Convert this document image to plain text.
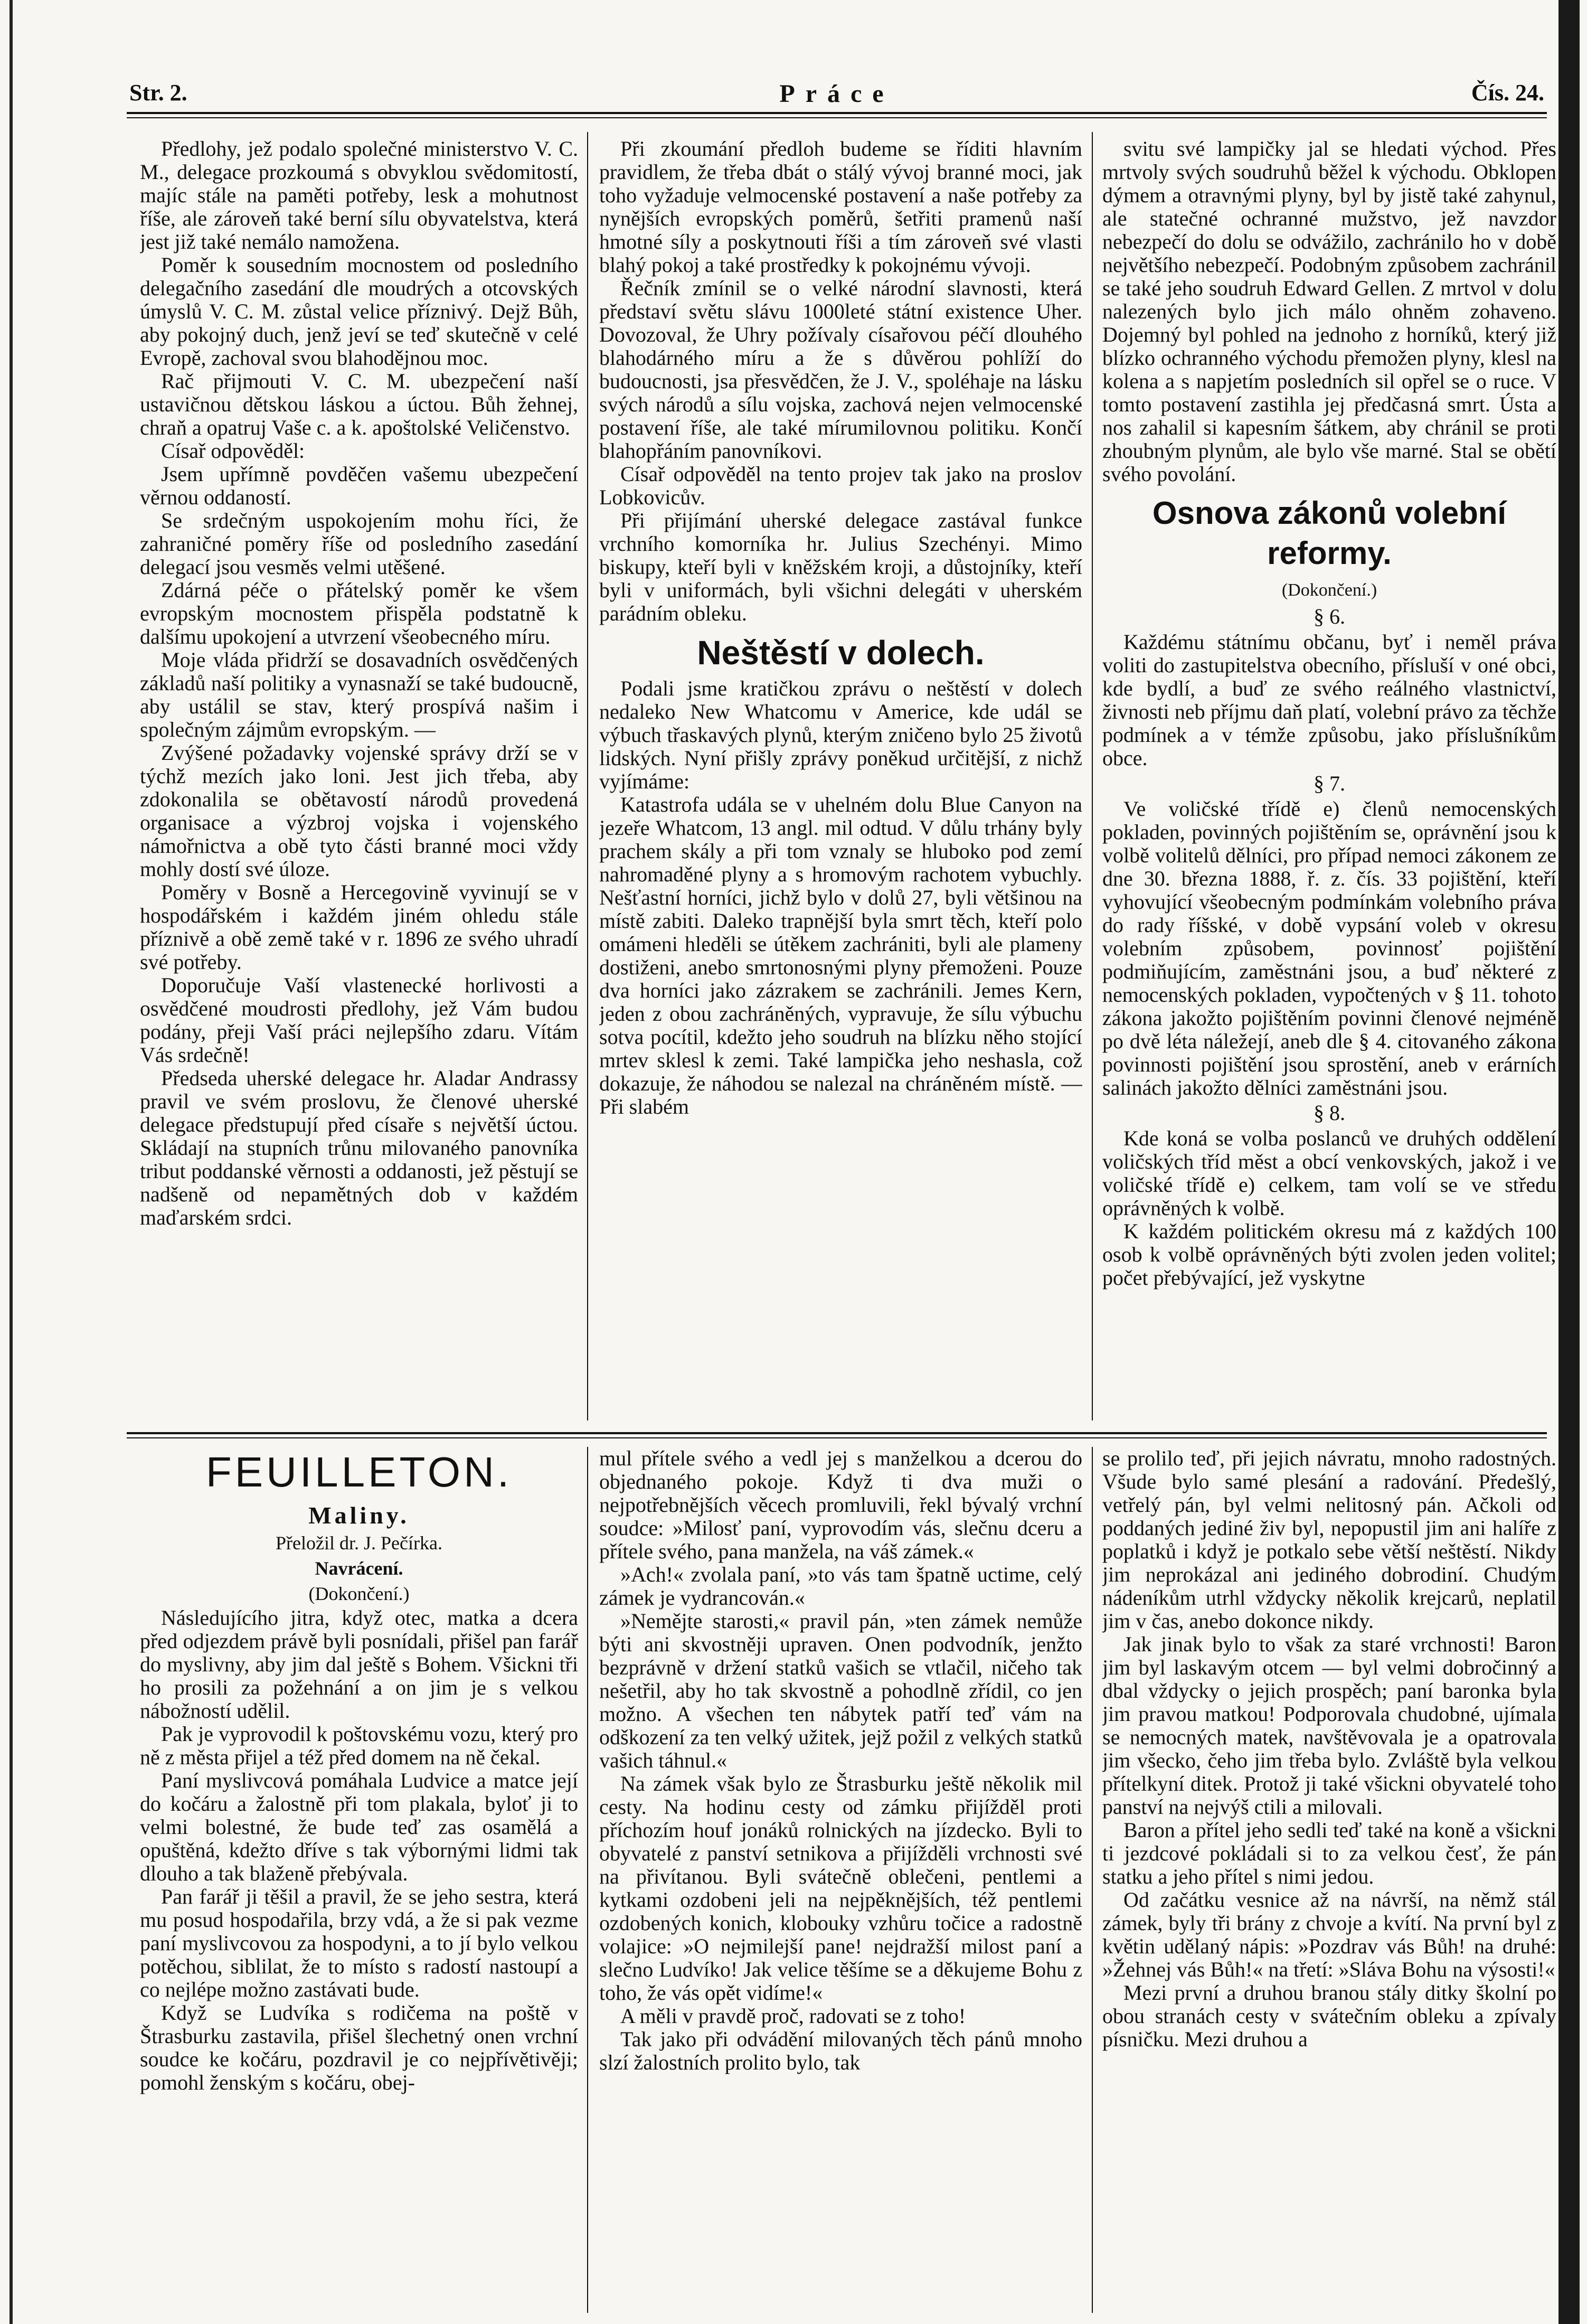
Str. 2.	Práce	Čís. 24.

Předlohy, jež podalo společné ministerstvo V. C. M., delegace prozkoumá s obvyklou svědomitostí, majíc stále na paměti potřeby, lesk a mohutnost říše, ale zároveň také berní sílu obyvatelstva, která jest již také nemálo namožena.

Poměr k sousedním mocnostem od posledního delegačního zasedání dle moudrých a otcovských úmyslů V. C. M. zůstal velice příznivý. Dejž Bůh, aby pokojný duch, jenž jeví se teď skutečně v celé Evropě, zachoval svou blahodějnou moc.

Rač přijmouti V. C. M. ubezpečení naší ustavičnou dětskou láskou a úctou. Bůh žehnej, chraň a opatruj Vaše c. a k. apoštolské Veličenstvo.

Císař odpověděl:

Jsem upřímně povděčen vašemu ubezpečení věrnou oddaností.

Se srdečným uspokojením mohu říci, že zahraničné poměry říše od posledního zasedání delegací jsou vesměs velmi utěšené.

Zdárná péče o přátelský poměr ke všem evropským mocnostem přispěla podstatně k dalšímu upokojení a utvrzení všeobecného míru.

Moje vláda přidrží se dosavadních osvědčených základů naší politiky a vynasnaží se také budoucně, aby ustálil se stav, který prospívá našim i společným zájmům evropským. —

Zvýšené požadavky vojenské správy drží se v týchž mezích jako loni. Jest jich třeba, aby zdokonalila se obětavostí národů provedená organisace a výzbroj vojska i vojenského námořnictva a obě tyto části branné moci vždy mohly dostí své úloze.

Poměry v Bosně a Hercegovině vyvinují se v hospodářském i každém jiném ohledu stále příznivě a obě země také v r. 1896 ze svého uhradí své potřeby.

Doporučuje Vaší vlastenecké horlivosti a osvědčené moudrosti předlohy, jež Vám budou podány, přeji Vaší práci nejlepšího zdaru. Vítám Vás srdečně!

Předseda uherské delegace hr. Aladar Andrassy pravil ve svém proslovu, že členové uherské delegace předstupují před císaře s největší úctou. Skládají na stupních trůnu milovaného panovníka tribut poddanské věrnosti a oddanosti, jež pěstují se nadšeně od nepamětných dob v každém maďarském srdci.

Při zkoumání předloh budeme se říditi hlavním pravidlem, že třeba dbát o stálý vývoj branné moci, jak toho vyžaduje velmocenské postavení a naše potřeby za nynějších evropských poměrů, šetřiti pramenů naší hmotné síly a poskytnouti říši a tím zároveň své vlasti blahý pokoj a také prostředky k pokojnému vývoji.

Řečník zmínil se o velké národní slavnosti, která představí světu slávu 1000leté státní existence Uher. Dovozoval, že Uhry požívaly císařovou péčí dlouhého blahodárného míru a že s důvěrou pohlíží do budoucnosti, jsa přesvědčen, že J. V., spoléhaje na lásku svých národů a sílu vojska, zachová nejen velmocenské postavení říše, ale také mírumilovnou politiku. Končí blahopřáním panovníkovi.

Císař odpověděl na tento projev tak jako na proslov Lobkovicův.

Při přijímání uherské delegace zastával funkce vrchního komorníka hr. Julius Szechényi. Mimo biskupy, kteří byli v kněžském kroji, a důstojníky, kteří byli v uniformách, byli všichni delegáti v uherském parádním obleku.

Neštěstí v dolech.

Podali jsme kratičkou zprávu o neštěstí v dolech nedaleko New Whatcomu v Americe, kde udál se výbuch třaskavých plynů, kterým zničeno bylo 25 životů lidských. Nyní přišly zprávy poněkud určitější, z nichž vyjímáme:

Katastrofa udála se v uhelném dolu Blue Canyon na jezeře Whatcom, 13 angl. mil odtud. V důlu trhány byly prachem skály a při tom vznaly se hluboko pod zemí nahromaděné plyny a s hromovým rachotem vybuchly. Nešťastní horníci, jichž bylo v dolů 27, byli většinou na místě zabiti. Daleko trapnější byla smrt těch, kteří polo omámeni hleděli se útěkem zachrániti, byli ale plameny dostiženi, anebo smrtonosnými plyny přemoženi. Pouze dva horníci jako zázrakem se zachránili. Jemes Kern, jeden z obou zachráněných, vypravuje, že sílu výbuchu sotva pocítil, kdežto jeho soudruh na blízku něho stojící mrtev sklesl k zemi. Také lampička jeho neshasla, což dokazuje, že náhodou se nalezal na chráněném místě. — Při slabém

svitu své lampičky jal se hledati východ. Přes mrtvoly svých soudruhů běžel k východu. Obklopen dýmem a otravnými plyny, byl by jistě také zahynul, ale statečné ochranné mužstvo, jež navzdor nebezpečí do dolu se odvážilo, zachránilo ho v době největšího nebezpečí. Podobným způsobem zachránil se také jeho soudruh Edward Gellen. Z mrtvol v dolu nalezených bylo jich málo ohněm zohaveno. Dojemný byl pohled na jednoho z horníků, který již blízko ochranného východu přemožen plyny, klesl na kolena a s napjetím posledních sil opřel se o ruce. V tomto postavení zastihla jej předčasná smrt. Ústa a nos zahalil si kapesním šátkem, aby chránil se proti zhoubným plynům, ale bylo vše marné. Stal se obětí svého povolání.

Osnova zákonů volební reformy.
(Dokončení.)
§ 6.

Každému státnímu občanu, byť i neměl práva voliti do zastupitelstva obecního, přísluší v oné obci, kde bydlí, a buď ze svého reálného vlastnictví, živnosti neb příjmu daň platí, volební právo za těchže podmínek a v témže způsobu, jako příslušníkům obce.

§ 7.

Ve voličské třídě e) členů nemocenských pokladen, povinných pojištěním se, oprávnění jsou k volbě volitelů dělníci, pro případ nemoci zákonem ze dne 30. března 1888, ř. z. čís. 33 pojištění, kteří vyhovující všeobecným podmínkám volebního práva do rady říšské, v době vypsání voleb v okresu volebním způsobem, povinnosť pojištění podmiňujícím, zaměstnáni jsou, a buď některé z nemocenských pokladen, vypočtených v § 11. tohoto zákona jakožto pojištěním povinni členové nejméně po dvě léta náležejí, aneb dle § 4. citovaného zákona povinnosti pojištění jsou sprostění, aneb v erárních salinách jakožto dělníci zaměstnáni jsou.

§ 8.

Kde koná se volba poslanců ve druhých oddělení voličských tříd měst a obcí venkovských, jakož i ve voličské třídě e) celkem, tam volí se ve středu oprávněných k volbě.

K každém politickém okresu má z každých 100 osob k volbě oprávněných býti zvolen jeden volitel; počet přebývající, jež vyskytne

FEUILLETON.
Maliny.
Přeložil dr. J. Pečírka.
Navrácení.
(Dokončení.)

Následujícího jitra, když otec, matka a dcera před odjezdem právě byli posnídali, přišel pan farář do myslivny, aby jim dal ještě s Bohem. Všickni tři ho prosili za požehnání a on jim je s velkou nábožností udělil.

Pak je vyprovodil k poštovskému vozu, který pro ně z města přijel a též před domem na ně čekal.

Paní myslivcová pomáhala Ludvice a matce její do kočáru a žalostně při tom plakala, byloť ji to velmi bolestné, že bude teď zas osamělá a opuštěná, kdežto dříve s tak výbornými lidmi tak dlouho a tak blaženě přebývala.

Pan farář ji těšil a pravil, že se jeho sestra, která mu posud hospodařila, brzy vdá, a že si pak vezme paní myslivcovou za hospodyni, a to jí bylo velkou potěchou, siblilat, že to místo s radostí nastoupí a co nejlépe možno zastávati bude.

Když se Ludvíka s rodičema na poště v Štrasburku zastavila, přišel šlechetný onen vrchní soudce ke kočáru, pozdravil je co nejpřívětivěji; pomohl ženským s kočáru, obej-

mul přítele svého a vedl jej s manželkou a dcerou do objednaného pokoje. Když ti dva muži o nejpotřebnějších věcech promluvili, řekl bývalý vrchní soudce: »Milosť paní, vyprovodím vás, slečnu dceru a přítele svého, pana manžela, na váš zámek.«

»Ach!« zvolala paní, »to vás tam špatně uctime, celý zámek je vydrancován.«

»Nemějte starosti,« pravil pán, »ten zámek nemůže býti ani skvostněji upraven. Onen podvodník, jenžto bezprávně v držení statků vašich se vtlačil, ničeho tak nešetřil, aby ho tak skvostně a pohodlně zřídil, co jen možno. A všechen ten nábytek patří teď vám na odškození za ten velký užitek, jejž požil z velkých statků vašich táhnul.«

Na zámek však bylo ze Štrasburku ještě několik mil cesty. Na hodinu cesty od zámku přijížděl proti příchozím houf jonáků rolnických na jízdecko. Byli to obyvatelé z panství setnikova a přijížděli vrchnosti své na přivítanou. Byli svátečně oblečeni, pentlemi a kytkami ozdobeni jeli na nejpěknějších, též pentlemi ozdobených konich, klobouky vzhůru točice a radostně volajice: »O nejmilejší pane! nejdražší milost paní a slečno Ludvíko! Jak velice těšíme se a děkujeme Bohu z toho, že vás opět vidíme!«

A měli v pravdě proč, radovati se z toho!

Tak jako při odvádění milovaných těch pánů mnoho slzí žalostních prolito bylo, tak

se prolilo teď, při jejich návratu, mnoho radostných. Všude bylo samé plesání a radování. Předešlý, vetřelý pán, byl velmi nelitosný pán. Ačkoli od poddaných jediné živ byl, nepopustil jim ani halíře z poplatků i když je potkalo sebe větší neštěstí. Nikdy jim neprokázal ani jediného dobrodiní. Chudým nádeníkům utrhl vždycky několik krejcarů, neplatil jim v čas, anebo dokonce nikdy.

Jak jinak bylo to však za staré vrchnosti! Baron jim byl laskavým otcem — byl velmi dobročinný a dbal vždycky o jejich prospěch; paní baronka byla jim pravou matkou! Podporovala chudobné, ujímala se nemocných matek, navštěvovala je a opatrovala jim všecko, čeho jim třeba bylo. Zvláště byla velkou přítelkyní ditek. Protož ji také všickni obyvatelé toho panství na nejvýš ctili a milovali.

Baron a přítel jeho sedli teď také na koně a všickni ti jezdcové pokládali si to za velkou česť, že pán statku a jeho přítel s nimi jedou.

Od začátku vesnice až na návrší, na němž stál zámek, byly tři brány z chvoje a kvítí. Na první byl z květin udělaný nápis: »Pozdrav vás Bůh! na druhé: »Žehnej vás Bůh!« na třetí: »Sláva Bohu na výsosti!«

Mezi první a druhou branou stály ditky školní po obou stranách cesty v svátečním obleku a zpívaly písničku. Mezi druhou a
